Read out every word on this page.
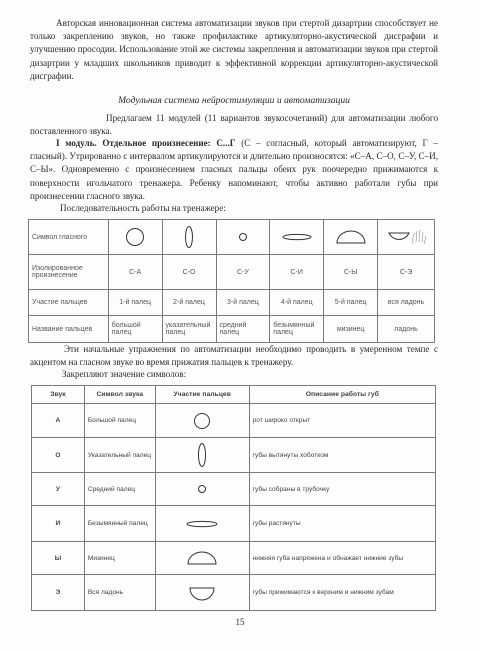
Авторская инновационная система автоматизации звуков при стертой дизартрии способствует не только закреплению звуков, но также профилактике артикуляторно-акустической дисграфии и улучшению просодии. Использование этой же системы закрепления и автоматизации звуков при стертой дизартрии у младших школьников приводит к эффективной коррекции артикуляторно-акустической дисграфии.
Модульная система нейростимуляции и автоматизации
Предлагаем 11 модулей (11 вариантов звукосочетаний) для автоматизации любого поставленного звука.
I модуль. Отдельное произнесение: С...Г (С – согласный, который автоматизируют, Г – гласный). Утрированно с интервалом артикулируются и длительно произносятся: «С–А, С–О, С–У, С–И, С–Ы». Одновременно с произнесением гласных пальцы обеих рук поочередно прижимаются к поверхности игольчатого тренажера. Ребенку напоминают, чтобы активно работали губы при произнесении гласного звука.
Последовательность работы на тренажере:
Символ гласного	

Изолированное произнесение	С-А	С-О	С-У	С-И	С-Ы	С-Э
Участие пальцев	1-й палец	2-й палец	3-й палец	4-й палец	5-й палец	вся ладонь
Название пальцев	большой палец	указательный палец	средний палец	безымянный палец	мизинец	ладонь
Эти начальные упражнения по автоматизации необходимо проводить в умеренном темпе с акцентом на гласном звуке во время прижатия пальцев к тренажеру.
Закрепляют значение символов:
Звук	Символ звука	Участие пальцев	Описание работы губ
А	Большой палец		рот широко открыт
О	Указательный палец		губы вытянуты хоботком
У	Средний палец		губы собраны в трубочку
И	Безымянный палец		губы растянуты
Ы	Мизинец		нижняя губа напряжена и обнажает нижние зубы
Э	Вся ладонь		губы прижимаются к верхним и нижним зубам
15
